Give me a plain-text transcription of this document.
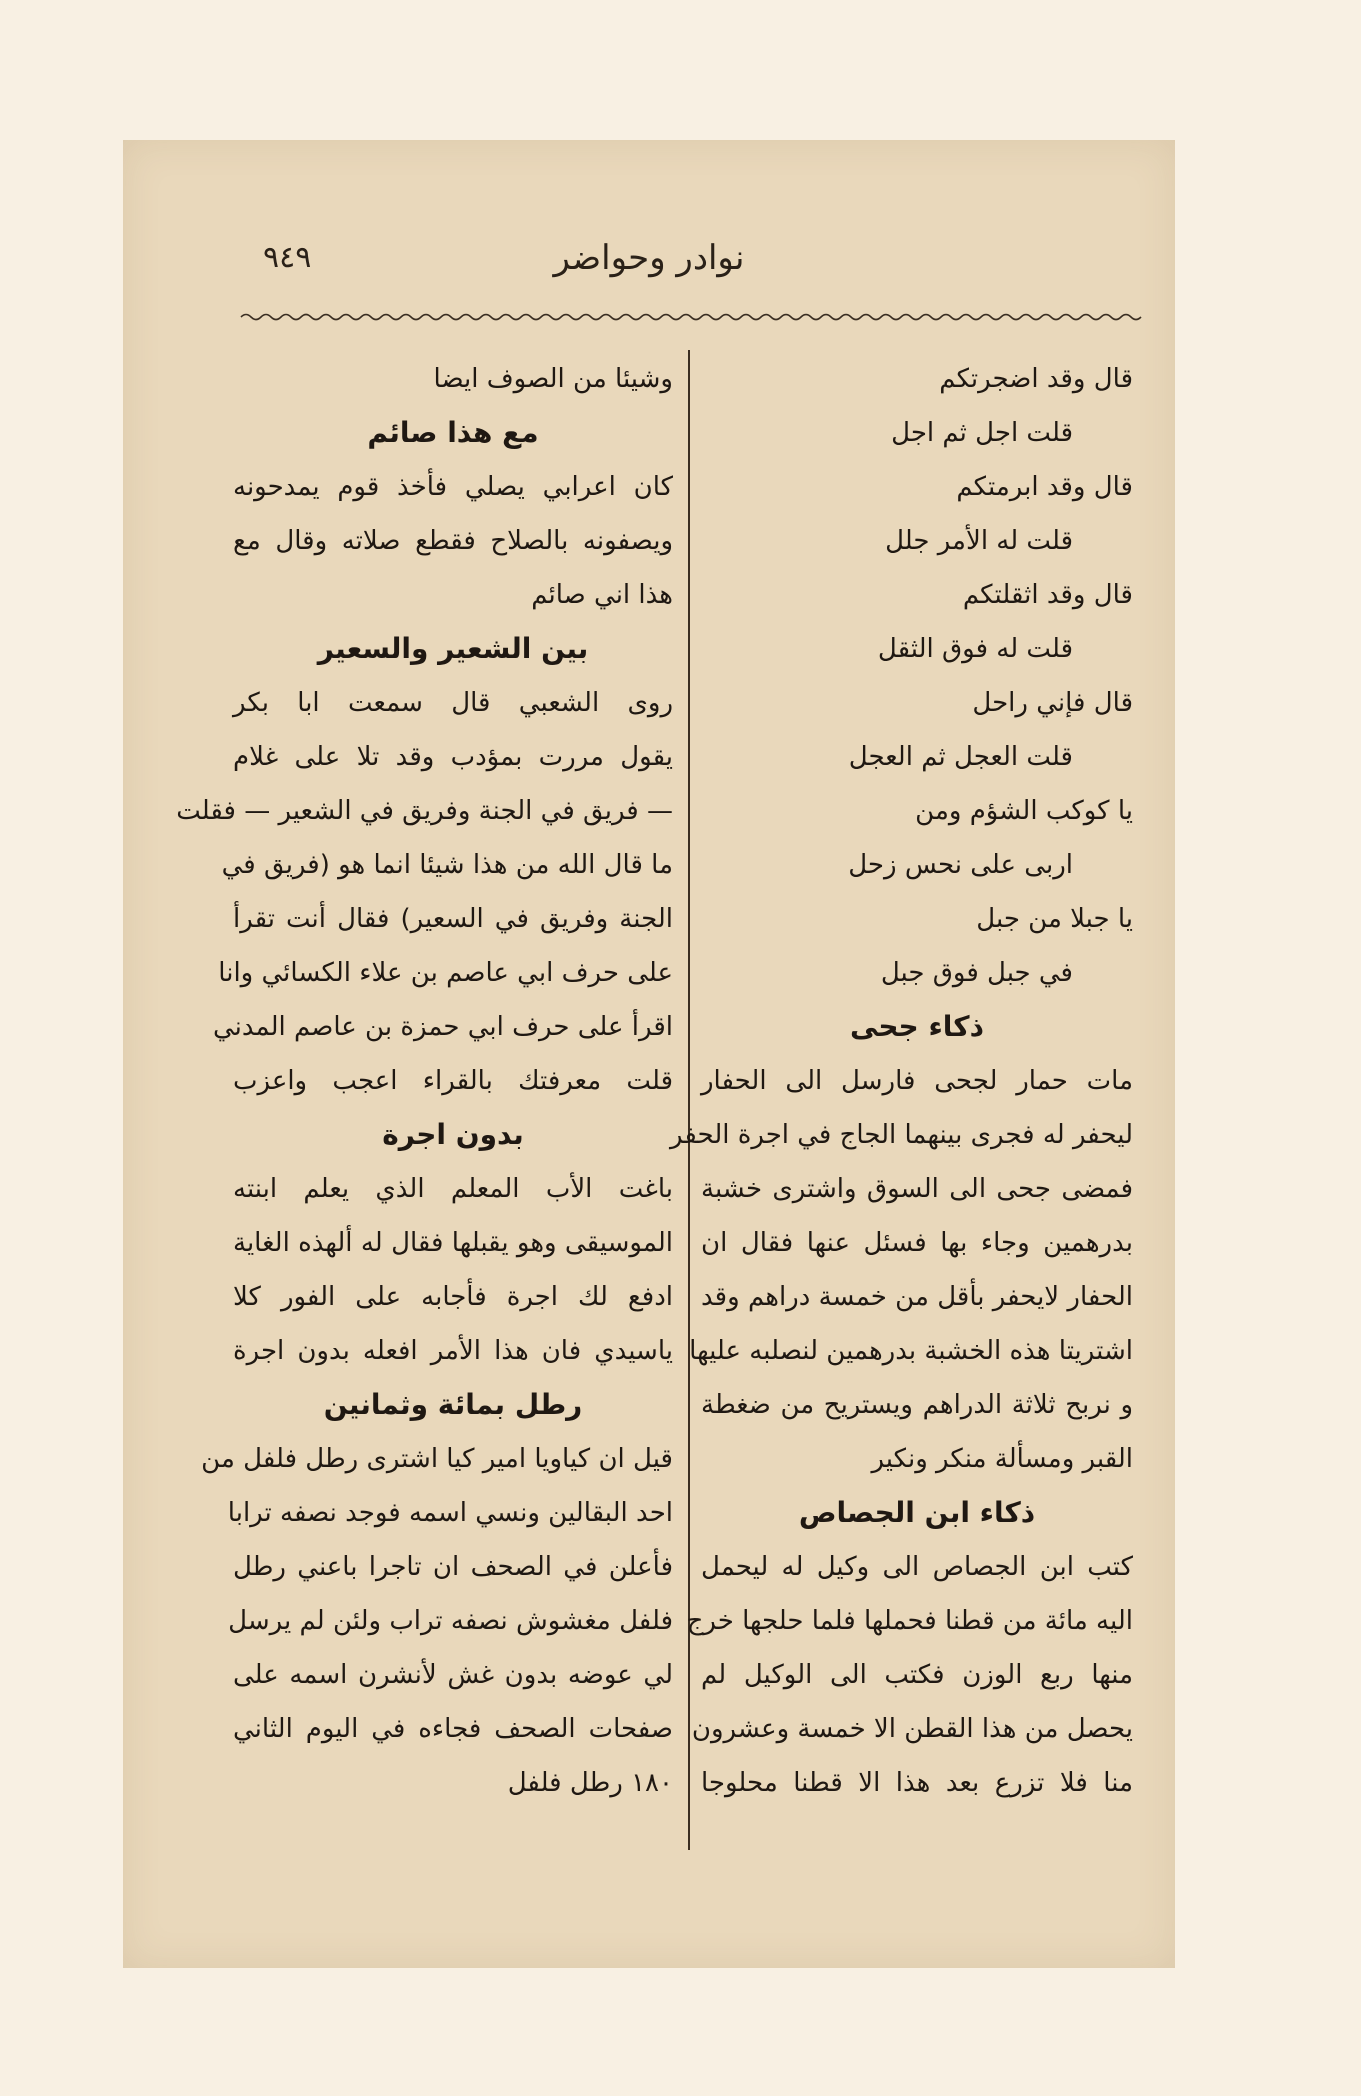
٩٤٩	نوادر وحواضر
قال وقد اضجرتكم
قلت اجل ثم اجل
قال وقد ابرمتكم
قلت له الأمر جلل
قال وقد اثقلتكم
قلت له فوق الثقل
قال فإني راحل
قلت العجل ثم العجل
يا كوكب الشؤم ومن
اربى على نحس زحل
يا جبلا من جبل
في جبل فوق جبل
ذكاء جحى
مات حمار لجحى فارسل الى الحفار
ليحفر له فجرى بينهما الجاج في اجرة الحفر
فمضى جحى الى السوق واشترى خشبة
بدرهمين وجاء بها فسئل عنها فقال ان
الحفار لايحفر بأقل من خمسة دراهم وقد
اشتريتا هذه الخشبة بدرهمين لنصلبه عليها
و نربح ثلاثة الدراهم ويستريح من ضغطة
القبر ومسألة منكر ونكير
ذكاء ابن الجصاص
كتب ابن الجصاص الى وكيل له ليحمل
اليه مائة من قطنا فحملها فلما حلجها خرج
منها ربع الوزن فكتب الى الوكيل لم
يحصل من هذا القطن الا خمسة وعشرون
منا فلا تزرع بعد هذا الا قطنا محلوجا
وشيئا من الصوف ايضا
مع هذا صائم
كان اعرابي يصلي فأخذ قوم يمدحونه
ويصفونه بالصلاح فقطع صلاته وقال مع
هذا اني صائم
بين الشعير والسعير
روى الشعبي قال سمعت ابا بكر
يقول مررت بمؤدب وقد تلا على غلام
— فريق في الجنة وفريق في الشعير — فقلت
ما قال الله من هذا شيئا انما هو (فريق في
الجنة وفريق في السعير) فقال أنت تقرأ
على حرف ابي عاصم بن علاء الكسائي وانا
اقرأ على حرف ابي حمزة بن عاصم المدني
قلت معرفتك بالقراء اعجب واعزب
بدون اجرة
باغت الأب المعلم الذي يعلم ابنته
الموسيقى وهو يقبلها فقال له ألهذه الغاية
ادفع لك اجرة فأجابه على الفور كلا
ياسيدي فان هذا الأمر افعله بدون اجرة
رطل بمائة وثمانين
قيل ان كياويا امير كيا اشترى رطل فلفل من
احد البقالين ونسي اسمه فوجد نصفه ترابا
فأعلن في الصحف ان تاجرا باعني رطل
فلفل مغشوش نصفه تراب ولئن لم يرسل
لي عوضه بدون غش لأنشرن اسمه على
صفحات الصحف فجاءه في اليوم الثاني
١٨٠ رطل فلفل
